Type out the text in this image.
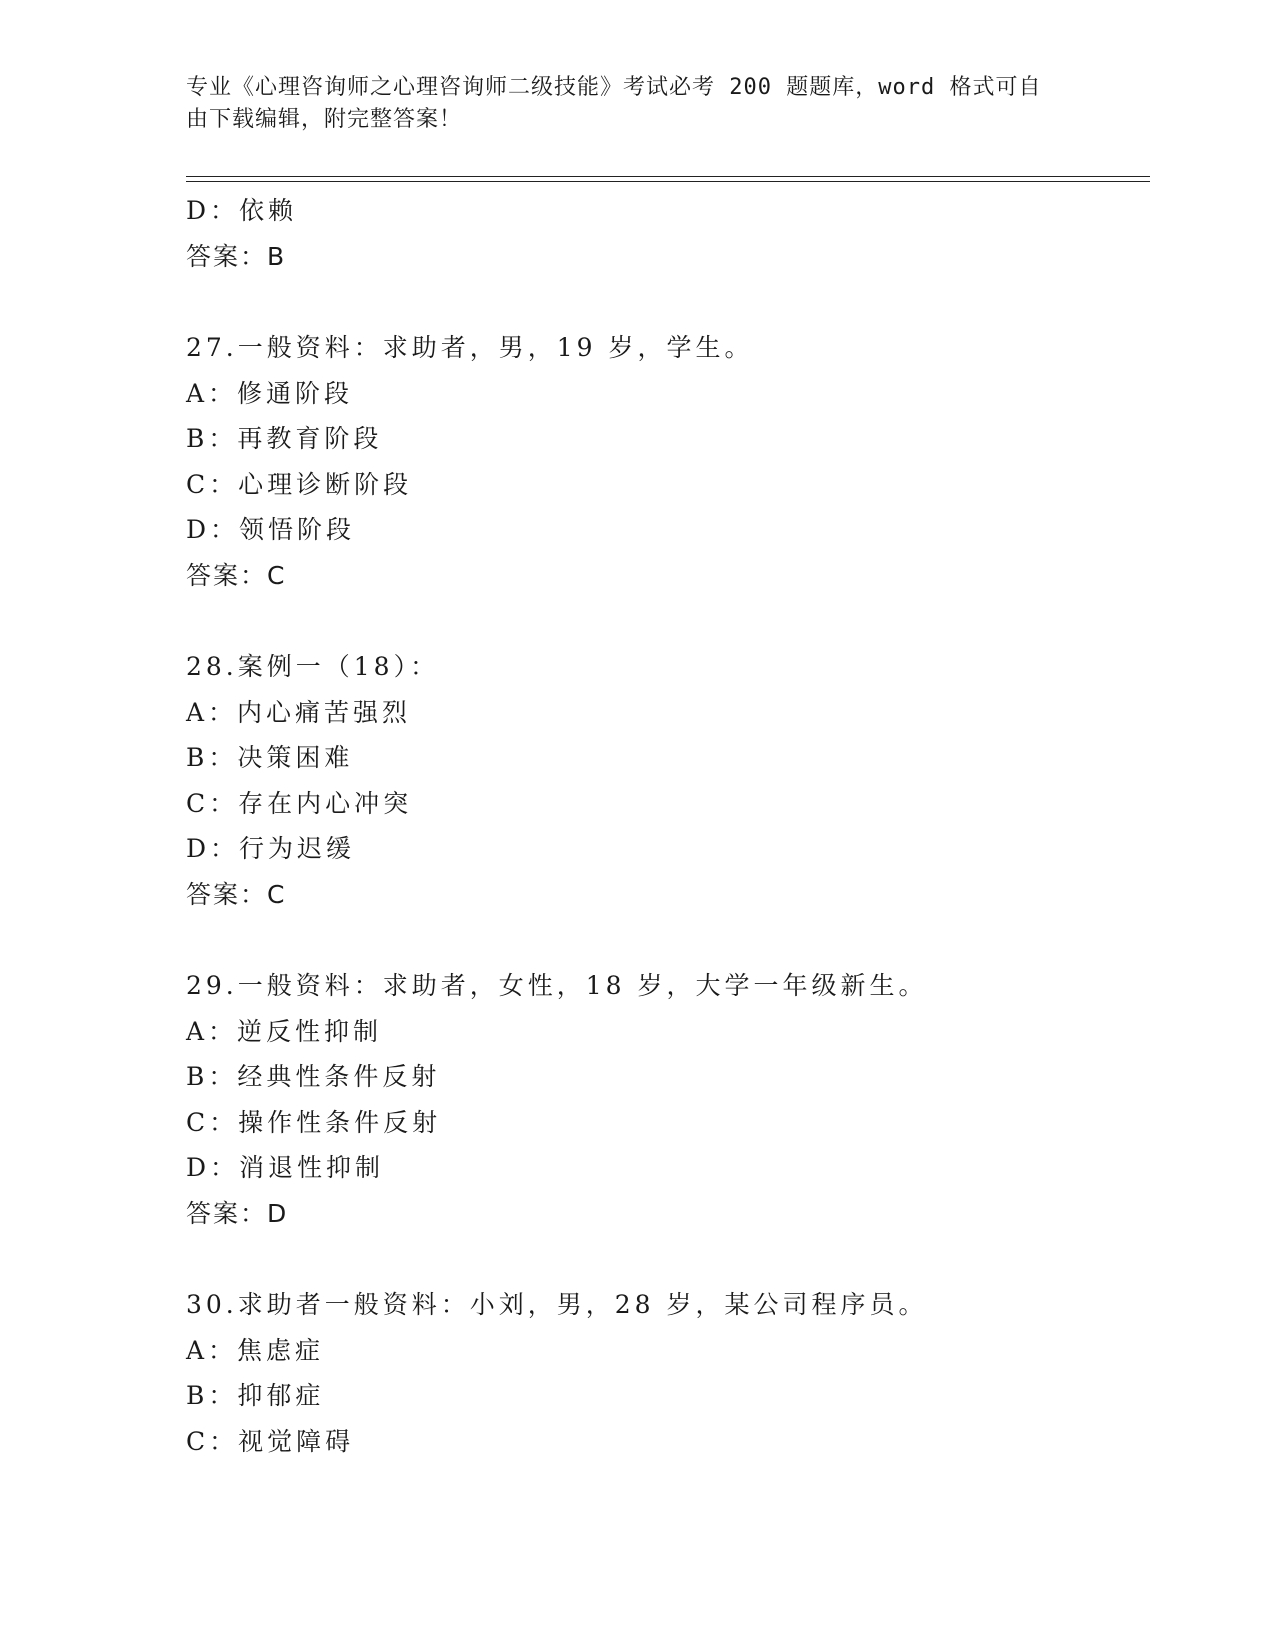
专业《心理咨询师之心理咨询师二级技能》考试必考 200 题题库，word 格式可自
由下载编辑，附完整答案！
D：依赖
答案：B
27.一般资料：求助者，男，19 岁，学生。
A：修通阶段
B：再教育阶段
C：心理诊断阶段
D：领悟阶段
答案：C
28.案例一（18）：
A：内心痛苦强烈
B：决策困难
C：存在内心冲突
D：行为迟缓
答案：C
29.一般资料：求助者，女性，18 岁，大学一年级新生。
A：逆反性抑制
B：经典性条件反射
C：操作性条件反射
D：消退性抑制
答案：D
30.求助者一般资料：小刘，男，28 岁，某公司程序员。
A：焦虑症
B：抑郁症
C：视觉障碍
